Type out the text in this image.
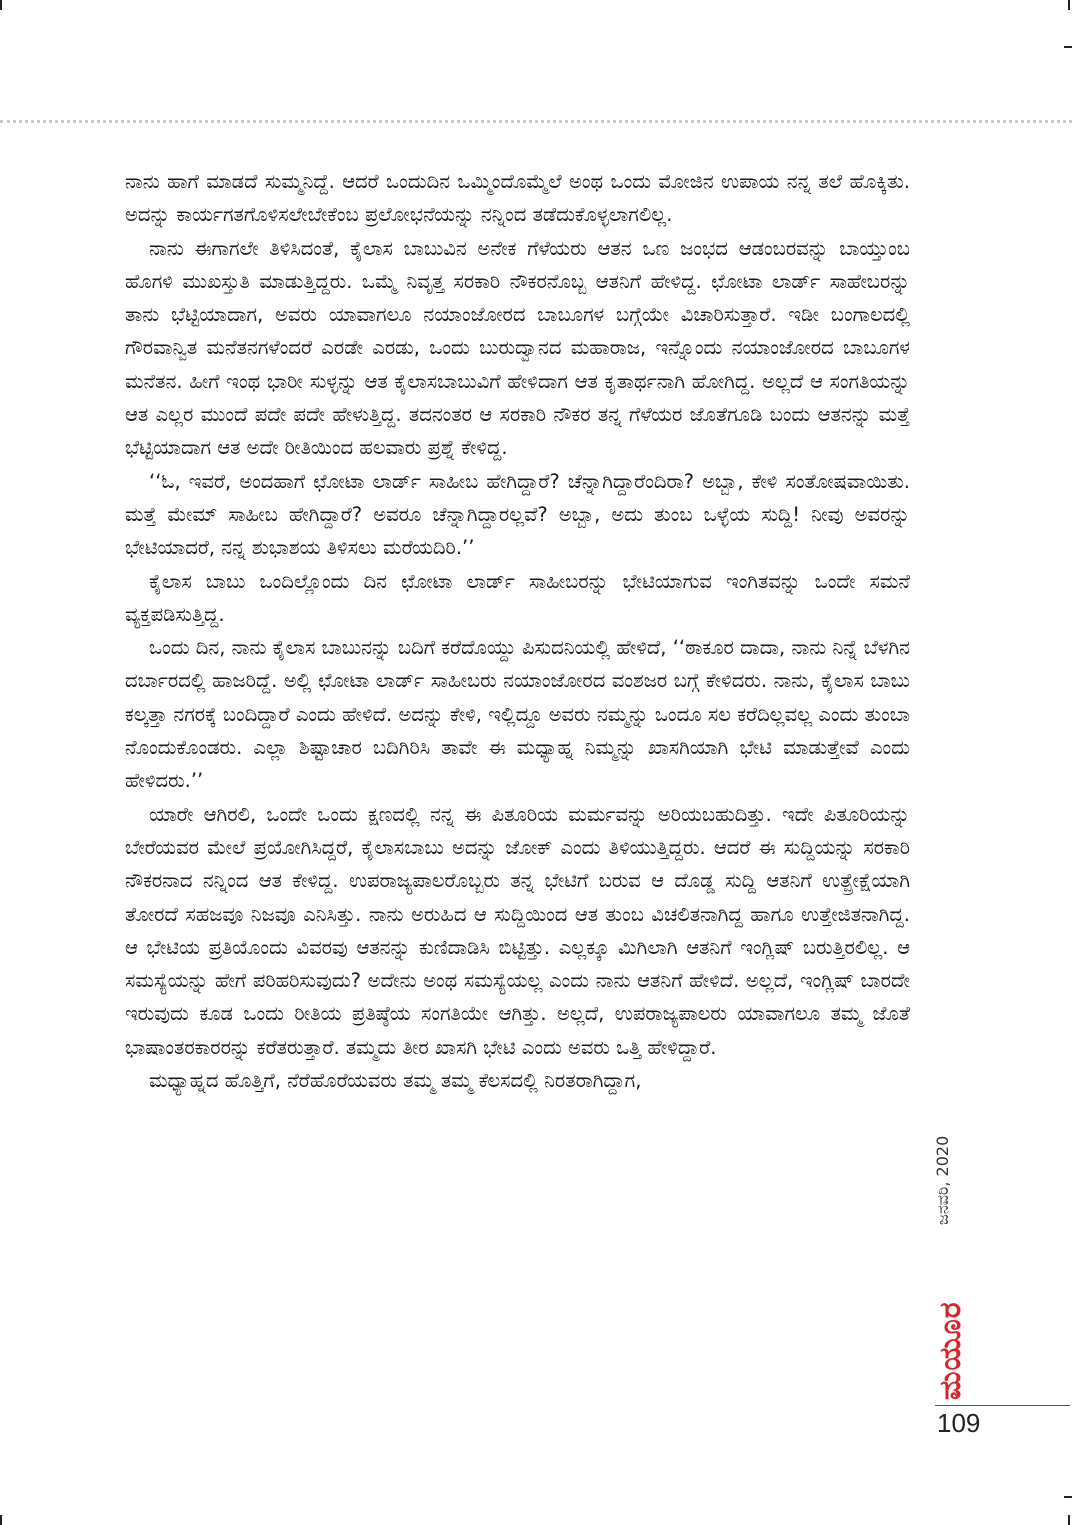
ನಾನು ಹಾಗೆ ಮಾಡದೆ ಸುಮ್ಮನಿದ್ದೆ. ಆದರೆ ಒಂದುದಿನ ಒಮ್ಮಿಂದೊಮ್ಮೆಲೆ ಅಂಥ ಒಂದು ಮೋಜಿನ ಉಪಾಯ ನನ್ನ ತಲೆ ಹೊಕ್ಕಿತು. ಅದನ್ನು ಕಾರ್ಯಗತಗೊಳಿಸಲೇಬೇಕೆಂಬ ಪ್ರಲೋಭನೆಯನ್ನು ನನ್ನಿಂದ ತಡೆದುಕೊಳ್ಳಲಾಗಲಿಲ್ಲ.

ನಾನು ಈಗಾಗಲೇ ತಿಳಿಸಿದಂತೆ, ಕೈಲಾಸ ಬಾಬುವಿನ ಅನೇಕ ಗೆಳೆಯರು ಆತನ ಒಣ ಜಂಭದ ಆಡಂಬರವನ್ನು ಬಾಯ್ತುಂಬ ಹೊಗಳಿ ಮುಖಸ್ತುತಿ ಮಾಡುತ್ತಿದ್ದರು. ಒಮ್ಮೆ ನಿವೃತ್ತ ಸರಕಾರಿ ನೌಕರನೊಬ್ಬ ಆತನಿಗೆ ಹೇಳಿದ್ದ. ಛೋಟಾ ಲಾರ್ಡ್ ಸಾಹೇಬರನ್ನು ತಾನು ಭೆಟ್ಟಿಯಾದಾಗ, ಅವರು ಯಾವಾಗಲೂ ನಯಾಂಜೋರದ ಬಾಬೂಗಳ ಬಗ್ಗೆಯೇ ವಿಚಾರಿಸುತ್ತಾರೆ. ಇಡೀ ಬಂಗಾಲದಲ್ಲಿ ಗೌರವಾನ್ವಿತ ಮನೆತನಗಳೆಂದರೆ ಎರಡೇ ಎರಡು, ಒಂದು ಬುರುದ್ವಾನದ ಮಹಾರಾಜ, ಇನ್ನೊಂದು ನಯಾಂಜೋರದ ಬಾಬೂಗಳ ಮನೆತನ. ಹೀಗೆ ಇಂಥ ಭಾರೀ ಸುಳ್ಳನ್ನು ಆತ ಕೈಲಾಸಬಾಬುವಿಗೆ ಹೇಳಿದಾಗ ಆತ ಕೃತಾರ್ಥನಾಗಿ ಹೋಗಿದ್ದ. ಅಲ್ಲದೆ ಆ ಸಂಗತಿಯನ್ನು ಆತ ಎಲ್ಲರ ಮುಂದೆ ಪದೇ ಪದೇ ಹೇಳುತ್ತಿದ್ದ. ತದನಂತರ ಆ ಸರಕಾರಿ ನೌಕರ ತನ್ನ ಗೆಳೆಯರ ಜೊತೆಗೂಡಿ ಬಂದು ಆತನನ್ನು ಮತ್ತೆ ಭೆಟ್ಟಿಯಾದಾಗ ಆತ ಅದೇ ರೀತಿಯಿಂದ ಹಲವಾರು ಪ್ರಶ್ನೆ ಕೇಳಿದ್ದ.

‘‘ಓ, ಇವರೆ, ಅಂದಹಾಗೆ ಛೋಟಾ ಲಾರ್ಡ್ ಸಾಹೀಬ ಹೇಗಿದ್ದಾರೆ? ಚೆನ್ನಾಗಿದ್ದಾರೆಂದಿರಾ? ಅಬ್ಬಾ, ಕೇಳಿ ಸಂತೋಷವಾಯಿತು. ಮತ್ತೆ ಮೇಮ್ ಸಾಹೀಬ ಹೇಗಿದ್ದಾರೆ? ಅವರೂ ಚೆನ್ನಾಗಿದ್ದಾರಲ್ಲವೆ? ಅಬ್ಬಾ, ಅದು ತುಂಬ ಒಳ್ಳೆಯ ಸುದ್ದಿ! ನೀವು ಅವರನ್ನು ಭೇಟಿಯಾದರೆ, ನನ್ನ ಶುಭಾಶಯ ತಿಳಿಸಲು ಮರೆಯದಿರಿ.’’

ಕೈಲಾಸ ಬಾಬು ಒಂದಿಲ್ಲೊಂದು ದಿನ ಛೋಟಾ ಲಾರ್ಡ್ ಸಾಹೀಬರನ್ನು ಭೇಟಿಯಾಗುವ ಇಂಗಿತವನ್ನು ಒಂದೇ ಸಮನೆ ವ್ಯಕ್ತಪಡಿಸುತ್ತಿದ್ದ.

ಒಂದು ದಿನ, ನಾನು ಕೈಲಾಸ ಬಾಬುನನ್ನು ಬದಿಗೆ ಕರೆದೊಯ್ದು ಪಿಸುದನಿಯಲ್ಲಿ ಹೇಳಿದೆ, ‘‘ಠಾಕೂರ ದಾದಾ, ನಾನು ನಿನ್ನೆ ಬೆಳಗಿನ ದರ್ಬಾರದಲ್ಲಿ ಹಾಜರಿದ್ದೆ. ಅಲ್ಲಿ ಛೋಟಾ ಲಾರ್ಡ್ ಸಾಹೀಬರು ನಯಾಂಜೋರದ ವಂಶಜರ ಬಗ್ಗೆ ಕೇಳಿದರು. ನಾನು, ಕೈಲಾಸ ಬಾಬು ಕಲ್ಕತ್ತಾ ನಗರಕ್ಕೆ ಬಂದಿದ್ದಾರೆ ಎಂದು ಹೇಳಿದೆ. ಅದನ್ನು ಕೇಳಿ, ಇಲ್ಲಿದ್ದೂ ಅವರು ನಮ್ಮನ್ನು ಒಂದೂ ಸಲ ಕರೆದಿಲ್ಲವಲ್ಲ ಎಂದು ತುಂಬಾ ನೊಂದುಕೊಂಡರು. ಎಲ್ಲಾ ಶಿಷ್ಟಾಚಾರ ಬದಿಗಿರಿಸಿ ತಾವೇ ಈ ಮಧ್ಯಾಹ್ನ ನಿಮ್ಮನ್ನು ಖಾಸಗಿಯಾಗಿ ಭೇಟಿ ಮಾಡುತ್ತೇವೆ ಎಂದು ಹೇಳಿದರು.’’

ಯಾರೇ ಆಗಿರಲಿ, ಒಂದೇ ಒಂದು ಕ್ಷಣದಲ್ಲಿ ನನ್ನ ಈ ಪಿತೂರಿಯ ಮರ್ಮವನ್ನು ಅರಿಯಬಹುದಿತ್ತು. ಇದೇ ಪಿತೂರಿಯನ್ನು ಬೇರೆಯವರ ಮೇಲೆ ಪ್ರಯೋಗಿಸಿದ್ದರೆ, ಕೈಲಾಸಬಾಬು ಅದನ್ನು ಜೋಕ್ ಎಂದು ತಿಳಿಯುತ್ತಿದ್ದರು. ಆದರೆ ಈ ಸುದ್ದಿಯನ್ನು ಸರಕಾರಿ ನೌಕರನಾದ ನನ್ನಿಂದ ಆತ ಕೇಳಿದ್ದ. ಉಪರಾಜ್ಯಪಾಲರೊಬ್ಬರು ತನ್ನ ಭೇಟಿಗೆ ಬರುವ ಆ ದೊಡ್ಡ ಸುದ್ದಿ ಆತನಿಗೆ ಉತ್ಪ್ರೇಕ್ಷೆಯಾಗಿ ತೋರದೆ ಸಹಜವೂ ನಿಜವೂ ಎನಿಸಿತ್ತು. ನಾನು ಅರುಹಿದ ಆ ಸುದ್ದಿಯಿಂದ ಆತ ತುಂಬ ವಿಚಲಿತನಾಗಿದ್ದ ಹಾಗೂ ಉತ್ತೇಜಿತನಾಗಿದ್ದ. ಆ ಭೇಟಿಯ ಪ್ರತಿಯೊಂದು ವಿವರವು ಆತನನ್ನು ಕುಣಿದಾಡಿಸಿ ಬಿಟ್ಟಿತ್ತು. ಎಲ್ಲಕ್ಕೂ ಮಿಗಿಲಾಗಿ ಆತನಿಗೆ ಇಂಗ್ಲಿಷ್ ಬರುತ್ತಿರಲಿಲ್ಲ. ಆ ಸಮಸ್ಯೆಯನ್ನು ಹೇಗೆ ಪರಿಹರಿಸುವುದು? ಅದೇನು ಅಂಥ ಸಮಸ್ಯೆಯಲ್ಲ ಎಂದು ನಾನು ಆತನಿಗೆ ಹೇಳಿದೆ. ಅಲ್ಲದೆ, ಇಂಗ್ಲಿಷ್ ಬಾರದೇ ಇರುವುದು ಕೂಡ ಒಂದು ರೀತಿಯ ಪ್ರತಿಷ್ಠೆಯ ಸಂಗತಿಯೇ ಆಗಿತ್ತು. ಅಲ್ಲದೆ, ಉಪರಾಜ್ಯಪಾಲರು ಯಾವಾಗಲೂ ತಮ್ಮ ಜೊತೆ ಭಾಷಾಂತರಕಾರರನ್ನು ಕರೆತರುತ್ತಾರೆ. ತಮ್ಮದು ತೀರ ಖಾಸಗಿ ಭೇಟಿ ಎಂದು ಅವರು ಒತ್ತಿ ಹೇಳಿದ್ದಾರೆ.

ಮಧ್ಯಾಹ್ನದ ಹೊತ್ತಿಗೆ, ನೆರೆಹೊರೆಯವರು ತಮ್ಮ ತಮ್ಮ ಕೆಲಸದಲ್ಲಿ ನಿರತರಾಗಿದ್ದಾಗ,

ಜನವರಿ, 2020
ಮಯೂರ
109
